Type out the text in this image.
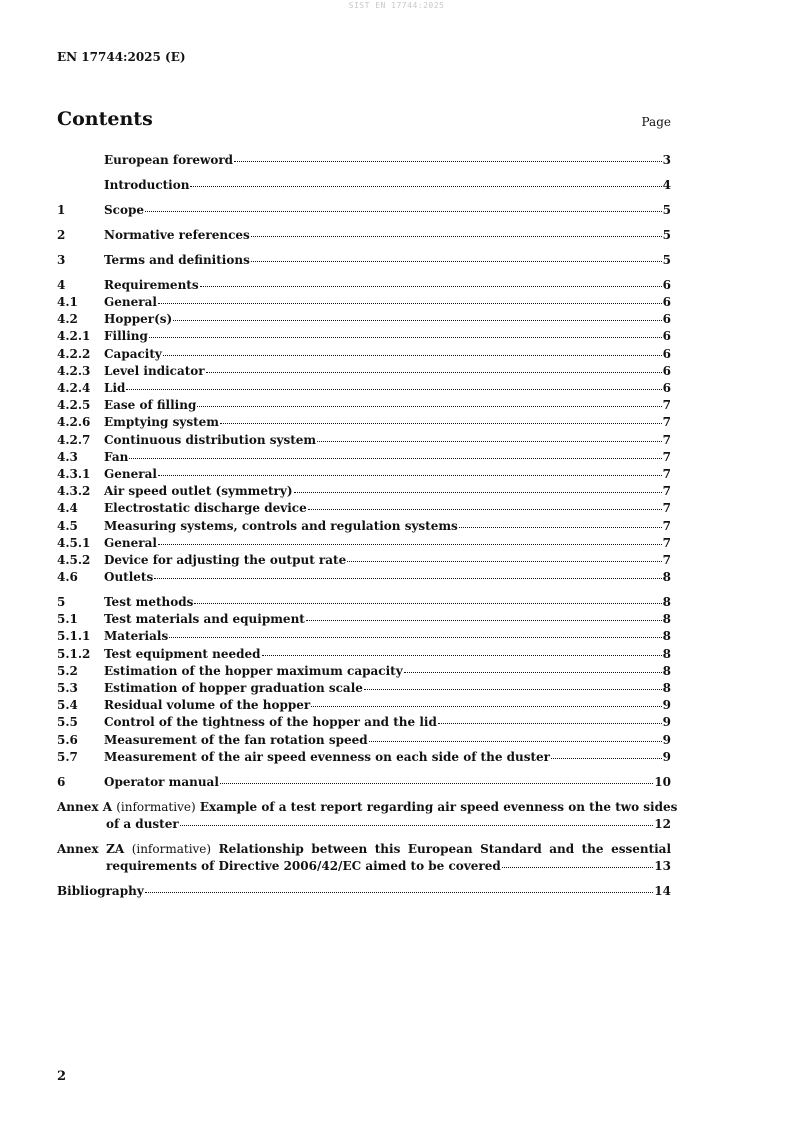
SIST EN 17744:2025
EN 17744:2025 (E)
Contents	Page
European foreword	3
Introduction	4
1	Scope	5
2	Normative references	5
3	Terms and definitions	5
4	Requirements	6
4.1	General	6
4.2	Hopper(s)	6
4.2.1	Filling	6
4.2.2	Capacity	6
4.2.3	Level indicator	6
4.2.4	Lid	6
4.2.5	Ease of filling	7
4.2.6	Emptying system	7
4.2.7	Continuous distribution system	7
4.3	Fan	7
4.3.1	General	7
4.3.2	Air speed outlet (symmetry)	7
4.4	Electrostatic discharge device	7
4.5	Measuring systems, controls and regulation systems	7
4.5.1	General	7
4.5.2	Device for adjusting the output rate	7
4.6	Outlets	8
5	Test methods	8
5.1	Test materials and equipment	8
5.1.1	Materials	8
5.1.2	Test equipment needed	8
5.2	Estimation of the hopper maximum capacity	8
5.3	Estimation of hopper graduation scale	8
5.4	Residual volume of the hopper	9
5.5	Control of the tightness of the hopper and the lid	9
5.6	Measurement of the fan rotation speed	9
5.7	Measurement of the air speed evenness on each side of the duster	9
6	Operator manual	10
Annex A (informative) Example of a test report regarding air speed evenness on the two sides
of a duster	12
Annex ZA (informative) Relationship between this European Standard and the essential
requirements of Directive 2006/42/EC aimed to be covered	13
Bibliography	14
2
